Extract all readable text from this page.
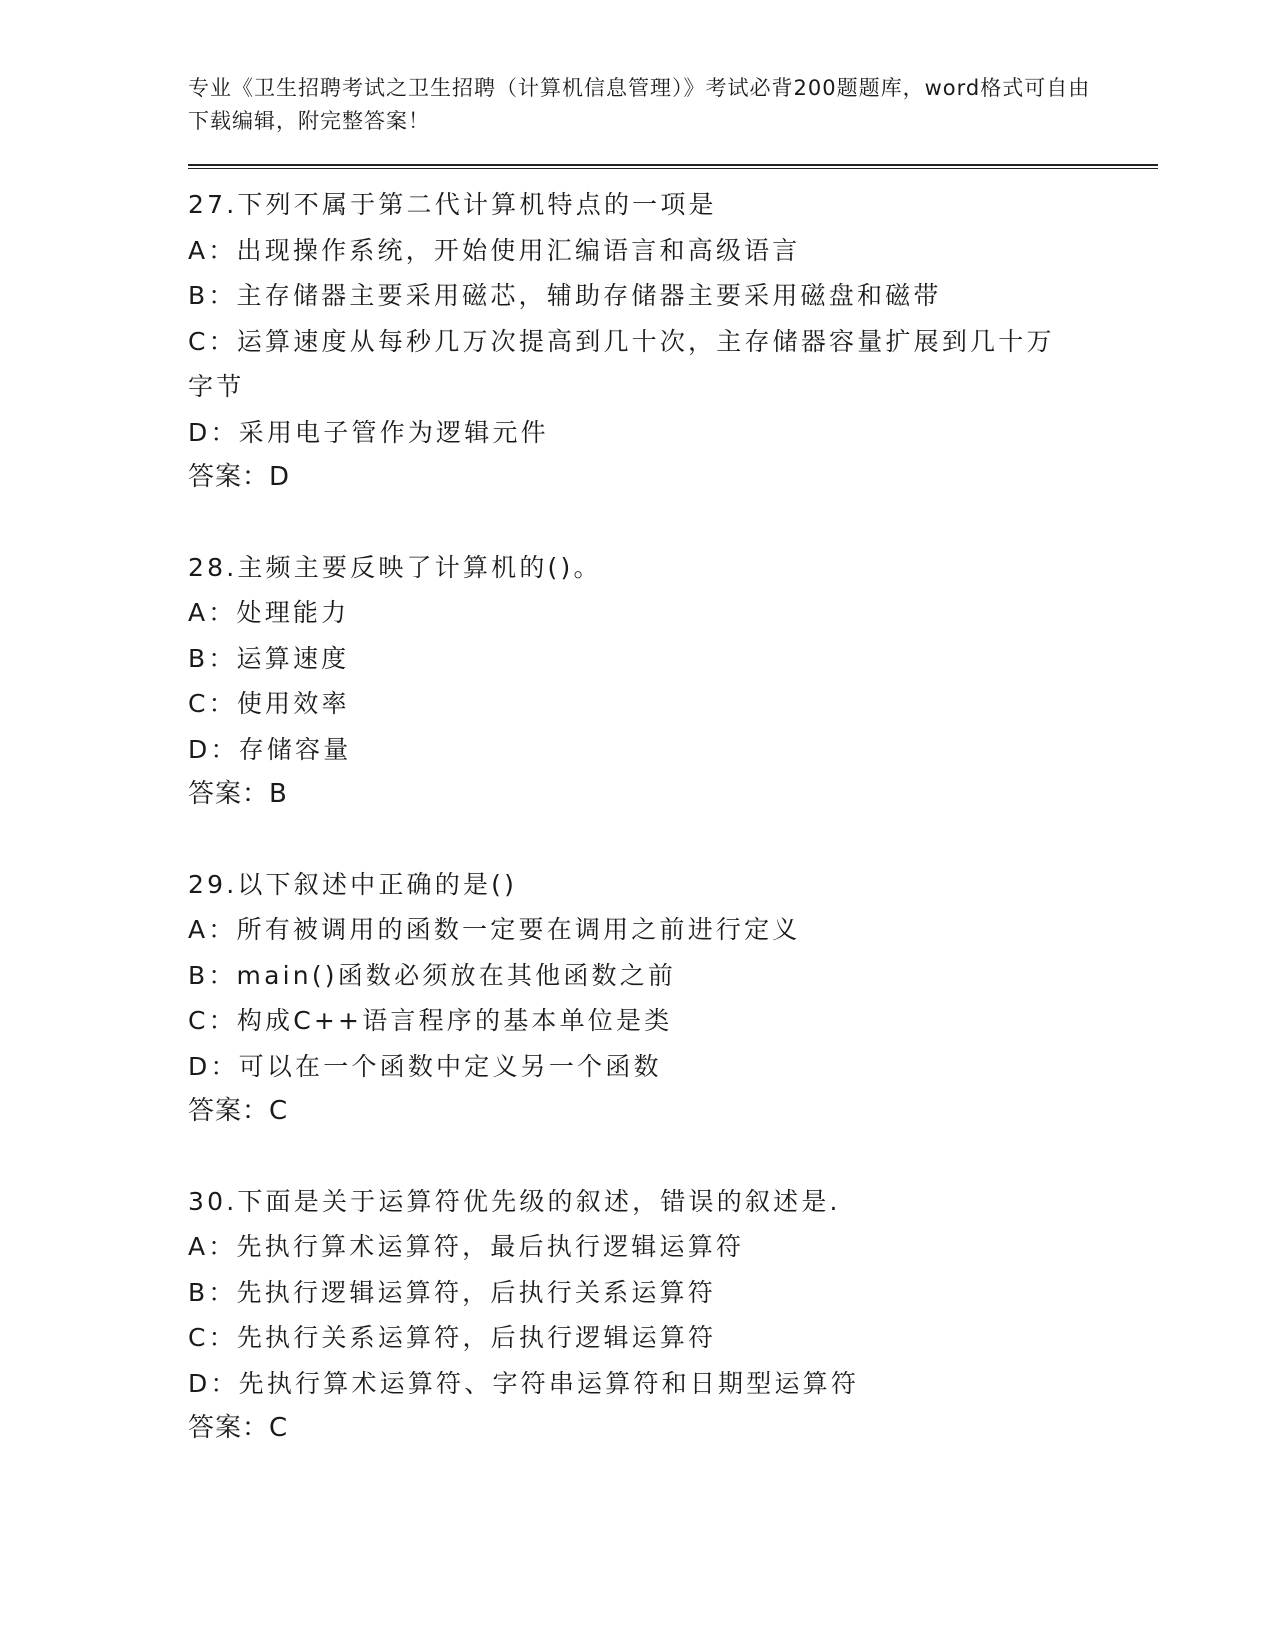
专业《卫生招聘考试之卫生招聘（计算机信息管理）》考试必背200题题库，word格式可自由下载编辑，附完整答案！

27.下列不属于第二代计算机特点的一项是

A：出现操作系统，开始使用汇编语言和高级语言

B：主存储器主要采用磁芯，辅助存储器主要采用磁盘和磁带

C：运算速度从每秒几万次提高到几十次，主存储器容量扩展到几十万字节

D：采用电子管作为逻辑元件

答案：D

28.主频主要反映了计算机的()。

A：处理能力

B：运算速度

C：使用效率

D：存储容量

答案：B

29.以下叙述中正确的是()

A：所有被调用的函数一定要在调用之前进行定义

B：main()函数必须放在其他函数之前

C：构成C++语言程序的基本单位是类

D：可以在一个函数中定义另一个函数

答案：C

30.下面是关于运算符优先级的叙述，错误的叙述是.

A：先执行算术运算符，最后执行逻辑运算符

B：先执行逻辑运算符，后执行关系运算符

C：先执行关系运算符，后执行逻辑运算符

D：先执行算术运算符、字符串运算符和日期型运算符

答案：C
